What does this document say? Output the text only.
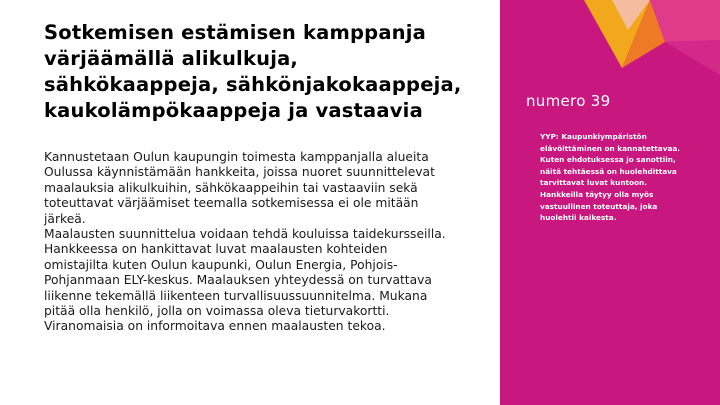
Sotkemisen estämisen kamppanja
värjäämällä alikulkuja,
sähkökaappeja, sähkönjakokaappeja,
kaukolämpökaappeja ja vastaavia
Kannustetaan Oulun kaupungin toimesta kamppanjalla alueita
Oulussa käynnistämään hankkeita, joissa nuoret suunnittelevat
maalauksia alikulkuihin, sähkökaappeihin tai vastaaviin sekä
toteuttavat värjäämiset teemalla sotkemisessa ei ole mitään
järkeä.
Maalausten suunnittelua voidaan tehdä kouluissa taidekursseilla.
Hankkeessa on hankittavat luvat maalausten kohteiden
omistajilta kuten Oulun kaupunki, Oulun Energia, Pohjois-
Pohjanmaan ELY-keskus. Maalauksen yhteydessä on turvattava
liikenne tekemällä liikenteen turvallisuussuunnitelma. Mukana
pitää olla henkilö, jolla on voimassa oleva tieturvakortti.
Viranomaisia on informoitava ennen maalausten tekoa.
numero 39
YYP: Kaupunkiympäristön
elävöittäminen on kannatettavaa.
Kuten ehdotuksessa jo sanottiin,
näitä tehtäessä on huolehdittava
tarvittavat luvat kuntoon.
Hankkeilla täytyy olla myös
vastuullinen toteuttaja, joka
huolehtii kaikesta.
